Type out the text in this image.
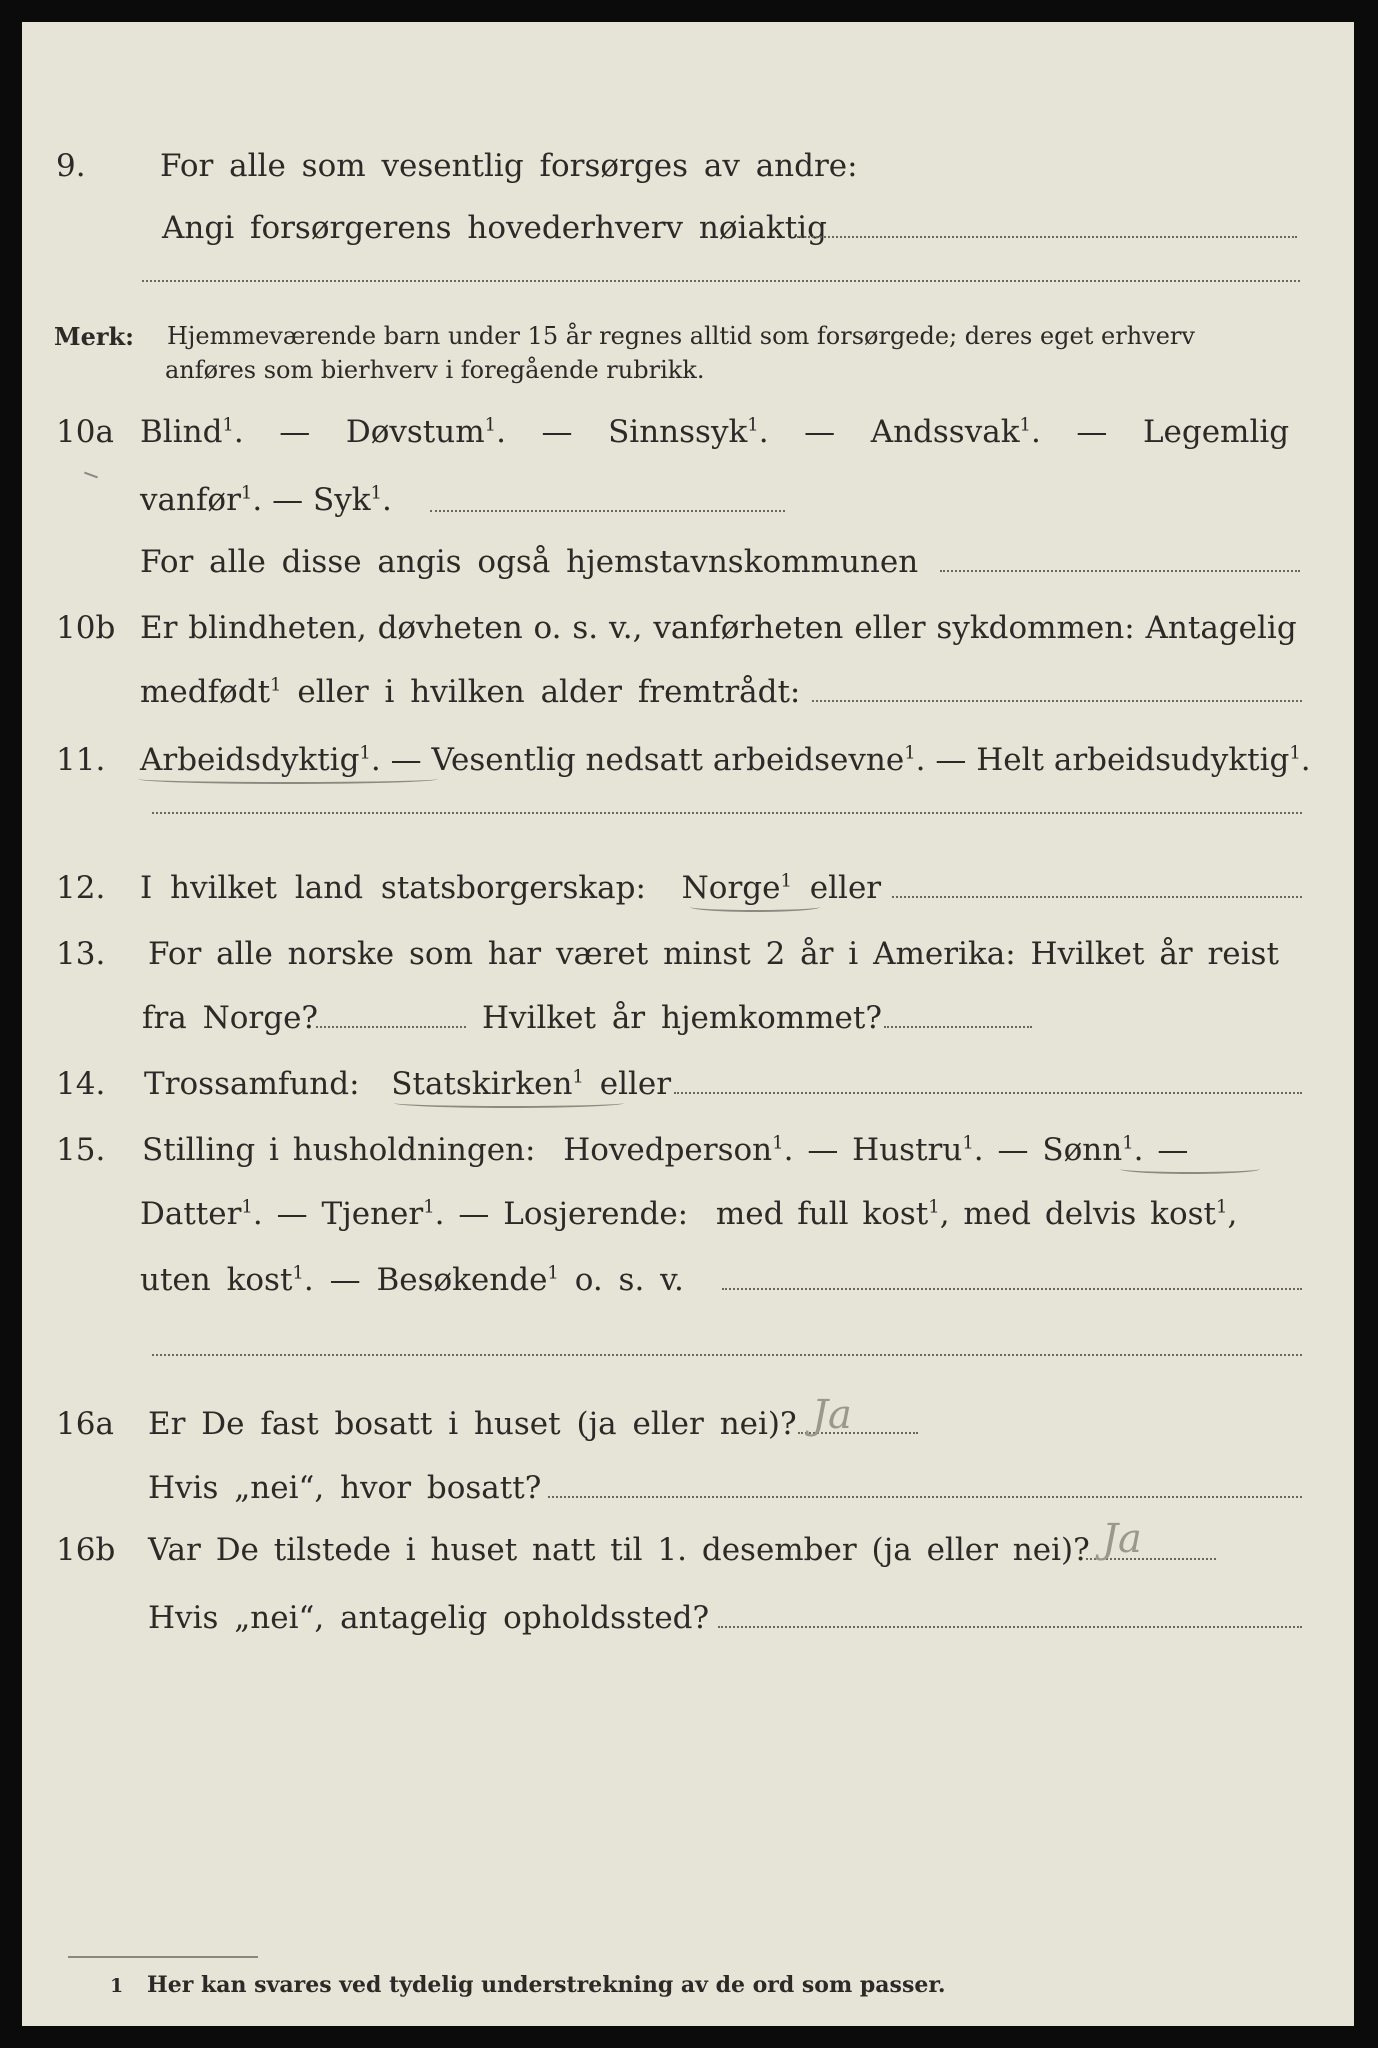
9. For alle som vesentlig forsørges av andre:
Angi forsørgerens hovederhverv nøiaktig
Merk: Hjemmeværende barn under 15 år regnes alltid som forsørgede; deres eget erhverv
anføres som bierhverv i foregående rubrikk.
10a Blind$^1$.   — Døvstum$^1$.   — Sinnssyk$^1$.   — Andssvak$^1$.   — Legemlig
vanfør$^1$. — Syk$^1$.
For alle disse angis også hjemstavnskommunen
10b Er blindheten, døvheten o. s. v., vanførheten eller sykdommen: Antagelig
medfødt$^1$ eller i hvilken alder fremtrådt:
11. Arbeidsdyktig$^1$. — Vesentlig nedsatt arbeidsevne$^1$. — Helt arbeidsudyktig$^1$.
12. I hvilket land statsborgerskap: Norge$^1$ eller
13. For alle norske som har været minst 2 år i Amerika: Hvilket år reist
fra Norge?	Hvilket år hjemkommet?
14. Trossamfund: Statskirken$^1$ eller
15. Stilling i husholdningen: Hovedperson$^1$. — Hustru$^1$. — Sønn$^1$. —
Datter$^1$. — Tjener$^1$. — Losjerende: med full kost$^1$, med delvis kost$^1$,
uten kost$^1$. — Besøkende$^1$ o. s. v.
16a Er De fast bosatt i huset (ja eller nei)? Ja
Hvis „nei“, hvor bosatt?
16b Var De tilstede i huset natt til 1. desember (ja eller nei)? Ja
Hvis „nei“, antagelig opholdssted?
1 Her kan svares ved tydelig understrekning av de ord som passer.
